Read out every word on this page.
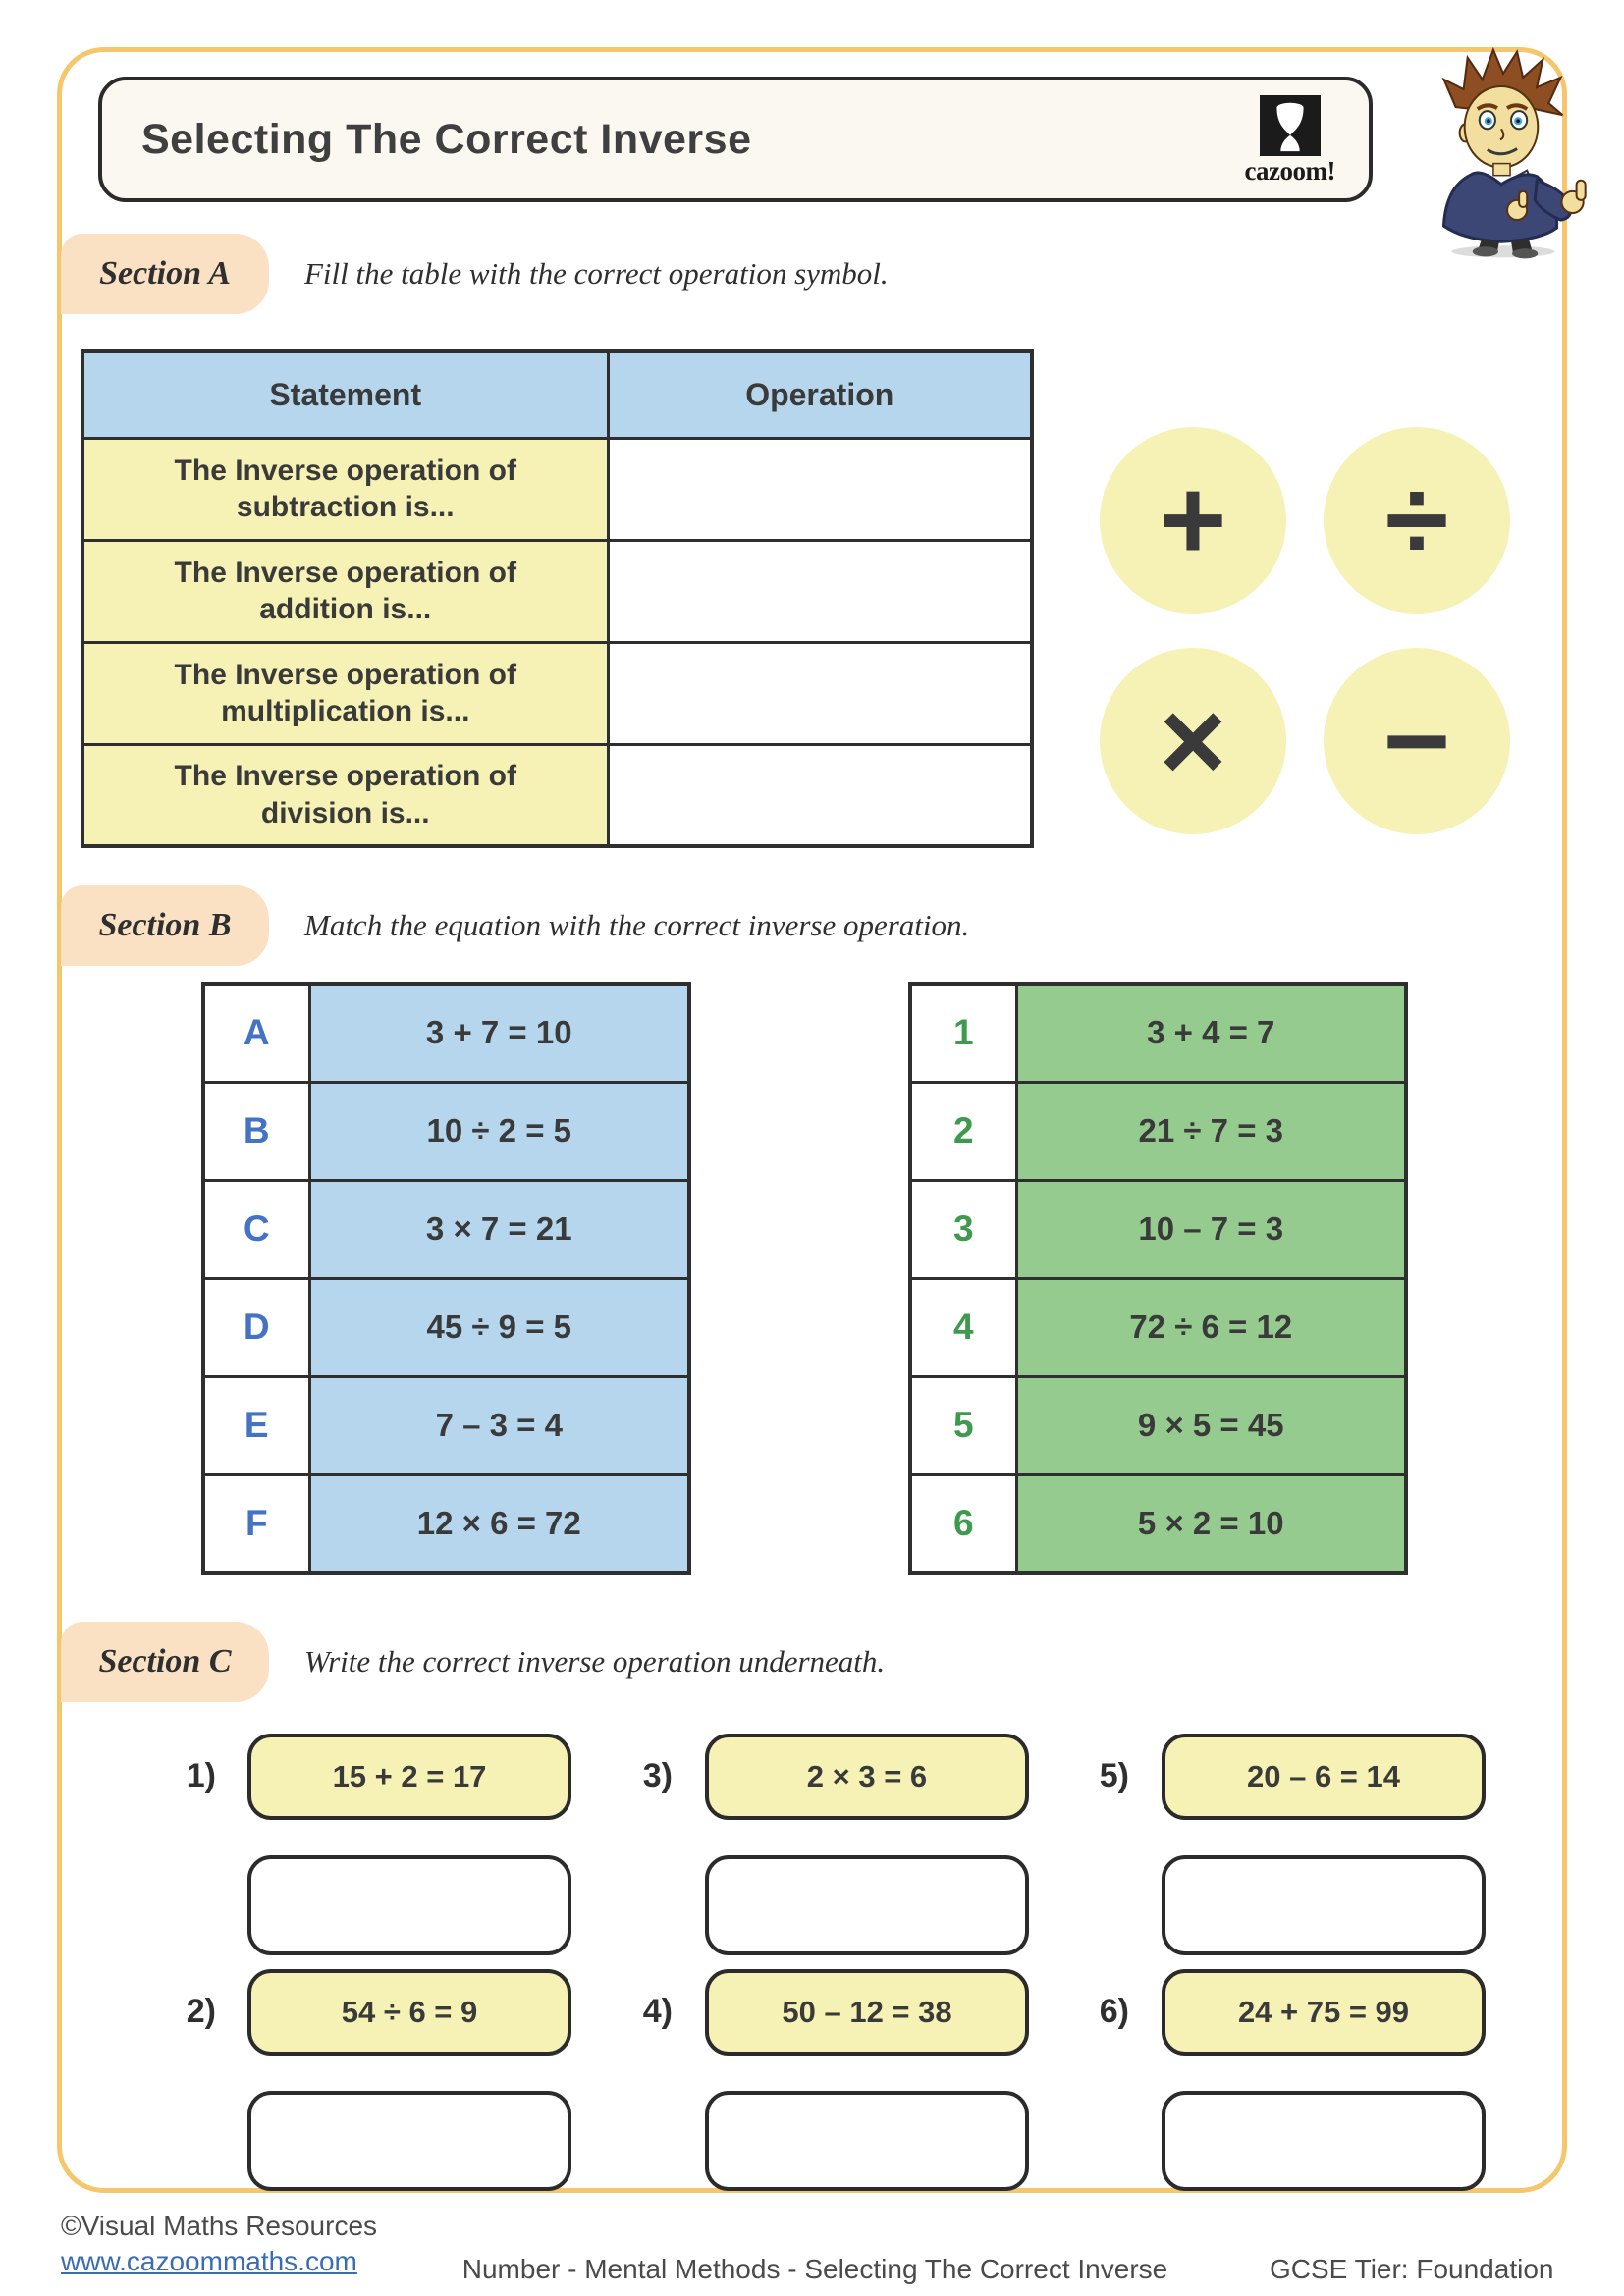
Selecting The Correct Inverse
cazoom!
Section A	Fill the table with the correct operation symbol.
Statement	Operation
The Inverse operation of subtraction is...	
The Inverse operation of addition is...	
The Inverse operation of multiplication is...	
The Inverse operation of division is...	
+ ÷
× −
Section B	Match the equation with the correct inverse operation.
A	3 + 7 = 10
B	10 ÷ 2 = 5
C	3 × 7 = 21
D	45 ÷ 9 = 5
E	7 – 3 = 4
F	12 × 6 = 72
1	3 + 4 = 7
2	21 ÷ 7 = 3
3	10 – 7 = 3
4	72 ÷ 6 = 12
5	9 × 5 = 45
6	5 × 2 = 10
Section C	Write the correct inverse operation underneath.
1)	15 + 2 = 17	3)	2 × 3 = 6	5)	20 – 6 = 14
2)	54 ÷ 6 = 9	4)	50 – 12 = 38	6)	24 + 75 = 99
©Visual Maths Resources
www.cazoommaths.com	Number - Mental Methods - Selecting The Correct Inverse	GCSE Tier: Foundation
